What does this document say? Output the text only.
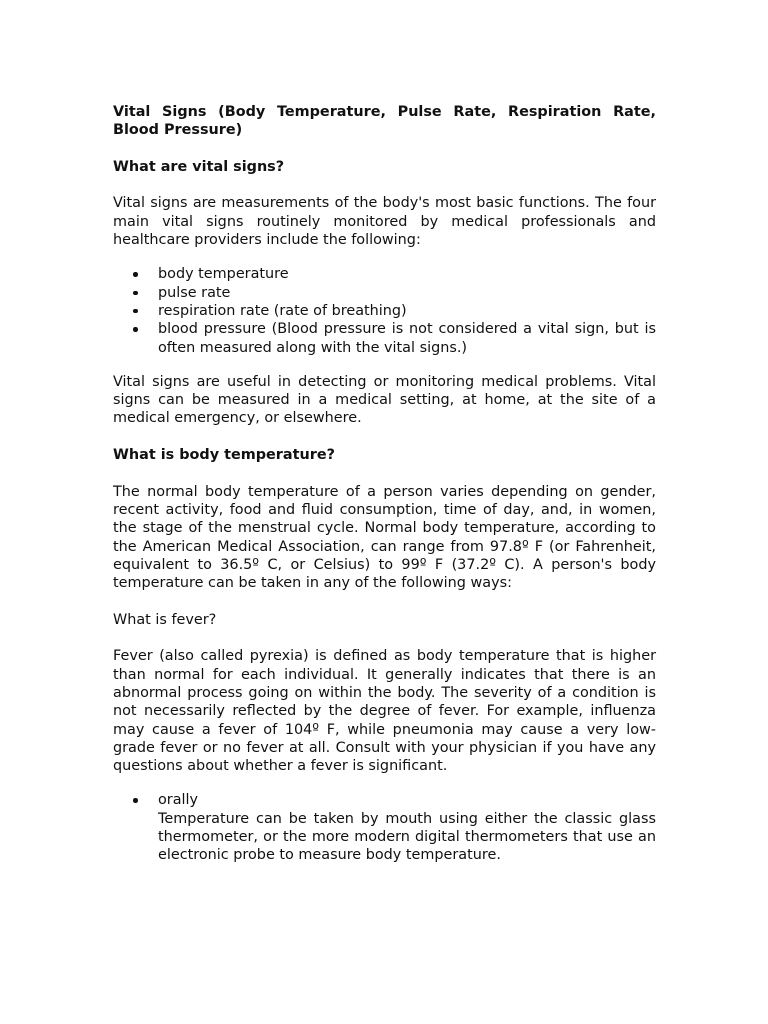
Vital Signs (Body Temperature, Pulse Rate, Respiration Rate, Blood Pressure)

What are vital signs?

Vital signs are measurements of the body's most basic functions. The four main vital signs routinely monitored by medical professionals and healthcare providers include the following:

body temperature
pulse rate
respiration rate (rate of breathing)
blood pressure (Blood pressure is not considered a vital sign, but is often measured along with the vital signs.)

Vital signs are useful in detecting or monitoring medical problems. Vital signs can be measured in a medical setting, at home, at the site of a medical emergency, or elsewhere.

What is body temperature?

The normal body temperature of a person varies depending on gender, recent activity, food and fluid consumption, time of day, and, in women, the stage of the menstrual cycle. Normal body temperature, according to the American Medical Association, can range from 97.8º F (or Fahrenheit, equivalent to 36.5º C, or Celsius) to 99º F (37.2º C). A person's body temperature can be taken in any of the following ways:

What is fever?

Fever (also called pyrexia) is defined as body temperature that is higher than normal for each individual. It generally indicates that there is an abnormal process going on within the body. The severity of a condition is not necessarily reflected by the degree of fever. For example, influenza may cause a fever of 104º F, while pneumonia may cause a very low-grade fever or no fever at all. Consult with your physician if you have any questions about whether a fever is significant.

orally
Temperature can be taken by mouth using either the classic glass thermometer, or the more modern digital thermometers that use an electronic probe to measure body temperature.
